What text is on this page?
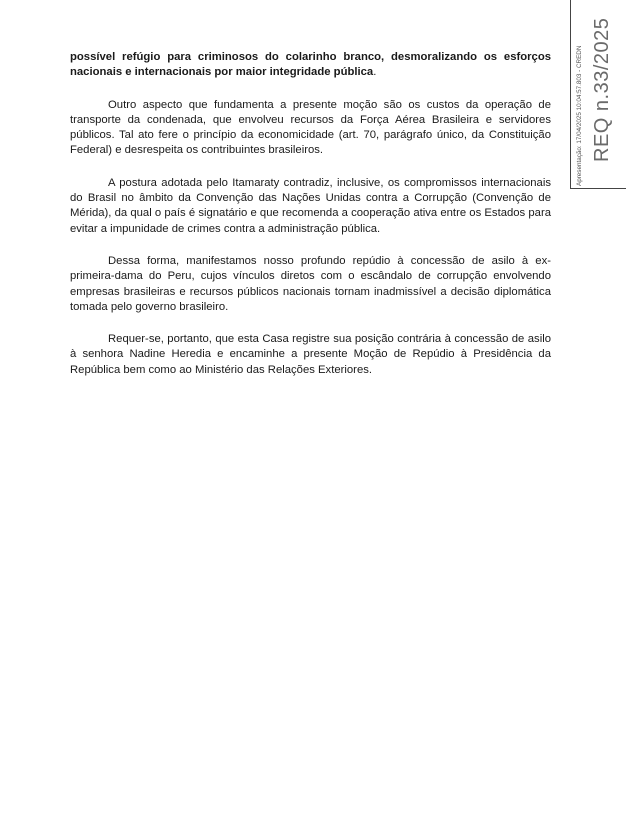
possível refúgio para criminosos do colarinho branco, desmoralizando os esforços nacionais e internacionais por maior integridade pública.

Outro aspecto que fundamenta a presente moção são os custos da operação de transporte da condenada, que envolveu recursos da Força Aérea Brasileira e servidores públicos. Tal ato fere o princípio da economicidade (art. 70, parágrafo único, da Constituição Federal) e desrespeita os contribuintes brasileiros.

A postura adotada pelo Itamaraty contradiz, inclusive, os compromissos internacionais do Brasil no âmbito da Convenção das Nações Unidas contra a Corrupção (Convenção de Mérida), da qual o país é signatário e que recomenda a cooperação ativa entre os Estados para evitar a impunidade de crimes contra a administração pública.

Dessa forma, manifestamos nosso profundo repúdio à concessão de asilo à ex-primeira-dama do Peru, cujos vínculos diretos com o escândalo de corrupção envolvendo empresas brasileiras e recursos públicos nacionais tornam inadmissível a decisão diplomática tomada pelo governo brasileiro.

Requer-se, portanto, que esta Casa registre sua posição contrária à concessão de asilo à senhora Nadine Heredia e encaminhe a presente Moção de Repúdio à Presidência da República bem como ao Ministério das Relações Exteriores.

Apresentação: 17/04/2025 10:04:57.803 - CREDN REQ n.33/2025
